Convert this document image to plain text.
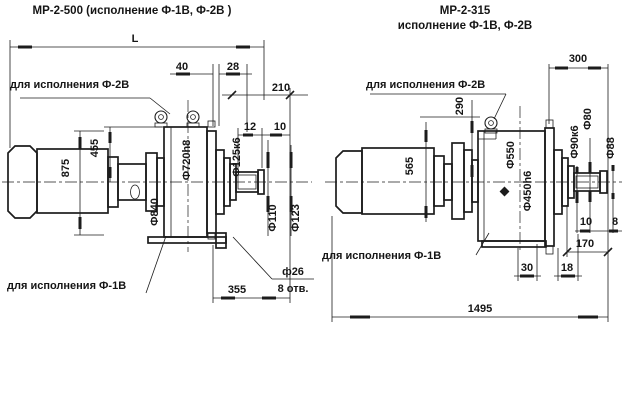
МР-2-500 (исполнение Ф-1В, Ф-2В )
для исполнения Ф-2В
для исполнения Ф-1В
L
40	28
210
12 10
875
455
Ф840
Ф720h8	Ф125к6
Ф110 Ф123
355
ф26
8 отв.
МР-2-315
исполнение Ф-1В, Ф-2В
для исполнения Ф-2В
для исполнения Ф-1В
300
290
565	Ф550
Ф450h6
Ф90к6
Ф80
Ф88
10 8
170
30	18
1495
